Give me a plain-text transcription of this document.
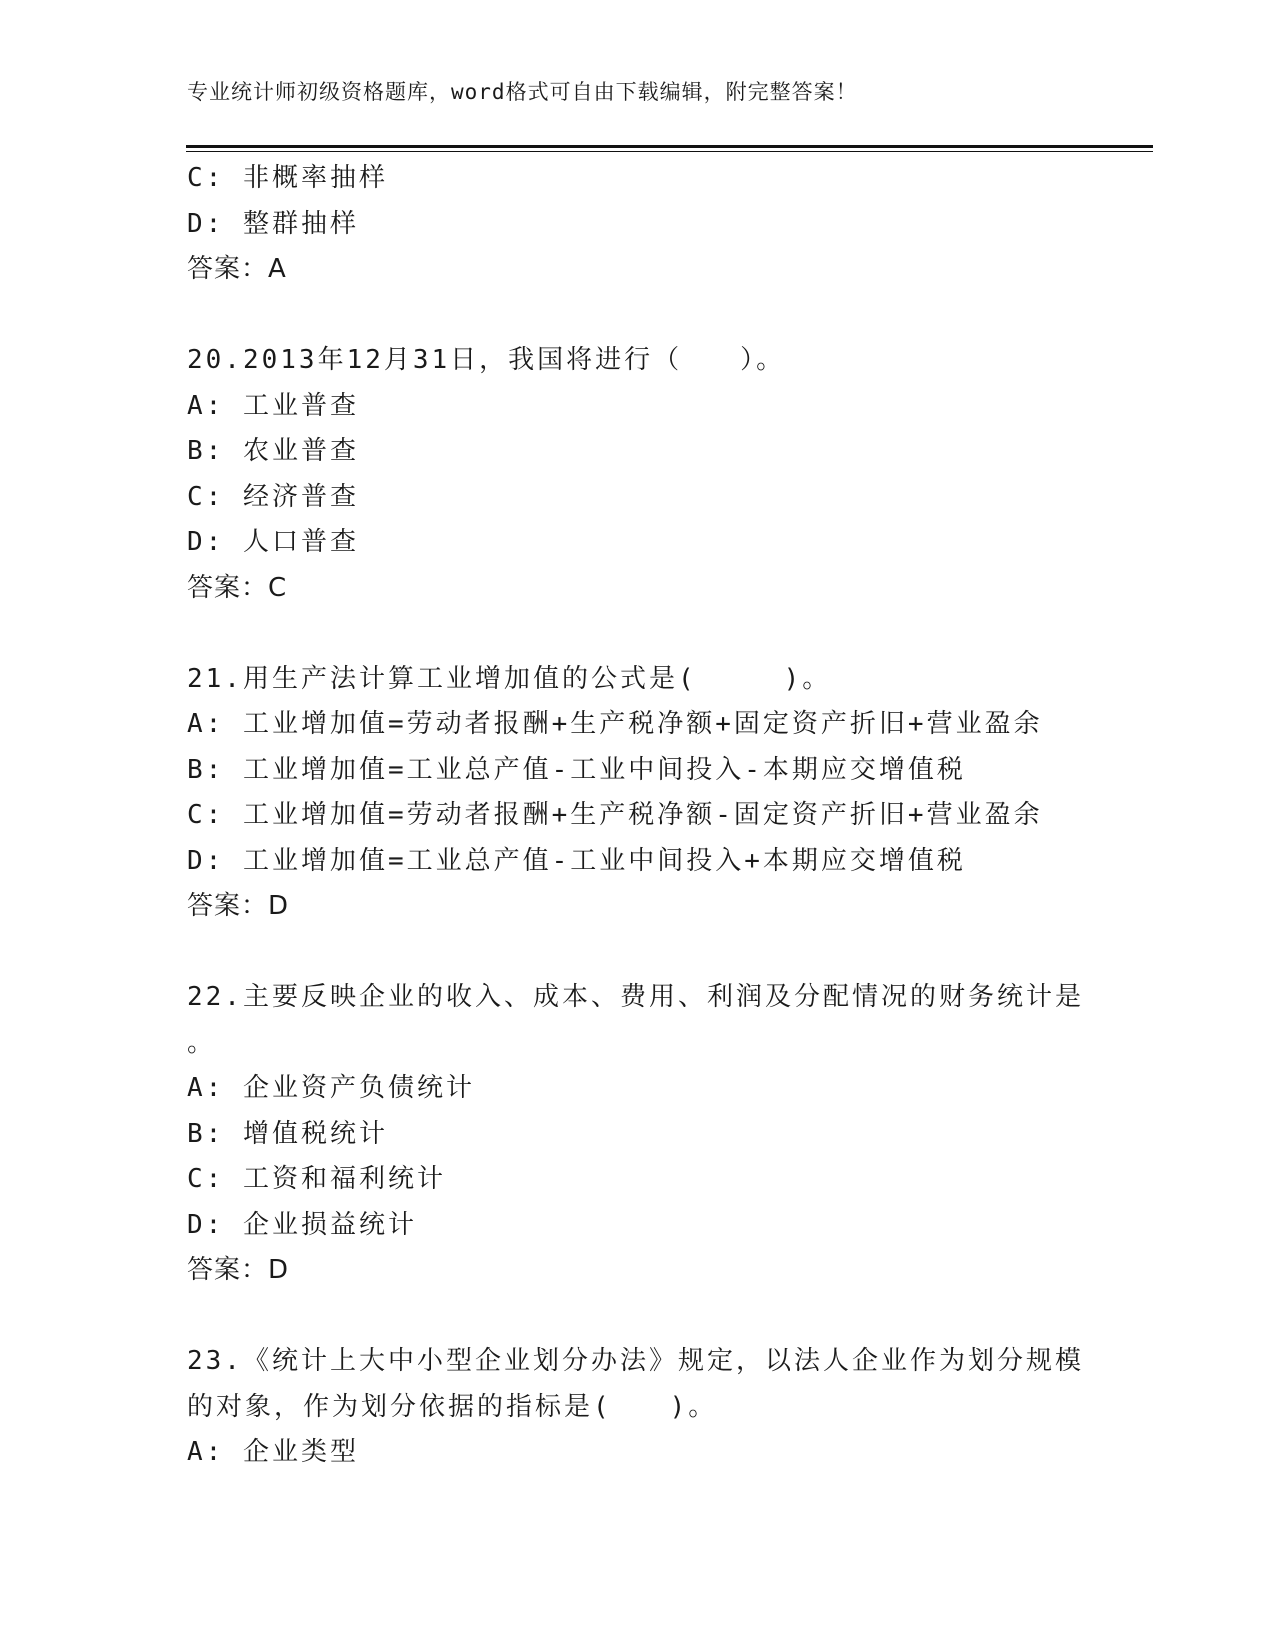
专业统计师初级资格题库，word格式可自由下载编辑，附完整答案！
C: 非概率抽样
D: 整群抽样
答案：A
20.2013年12月31日，我国将进行（　　）。
A: 工业普查
B: 农业普查
C: 经济普查
D: 人口普查
答案：C
21.用生产法计算工业增加值的公式是(　　　)。
A: 工业增加值=劳动者报酬+生产税净额+固定资产折旧+营业盈余
B: 工业增加值=工业总产值-工业中间投入-本期应交增值税
C: 工业增加值=劳动者报酬+生产税净额-固定资产折旧+营业盈余
D: 工业增加值=工业总产值-工业中间投入+本期应交增值税
答案：D
22.主要反映企业的收入、成本、费用、利润及分配情况的财务统计是
。
A: 企业资产负债统计
B: 增值税统计
C: 工资和福利统计
D: 企业损益统计
答案：D
23.《统计上大中小型企业划分办法》规定，以法人企业作为划分规模
的对象，作为划分依据的指标是(　　)。
A: 企业类型
